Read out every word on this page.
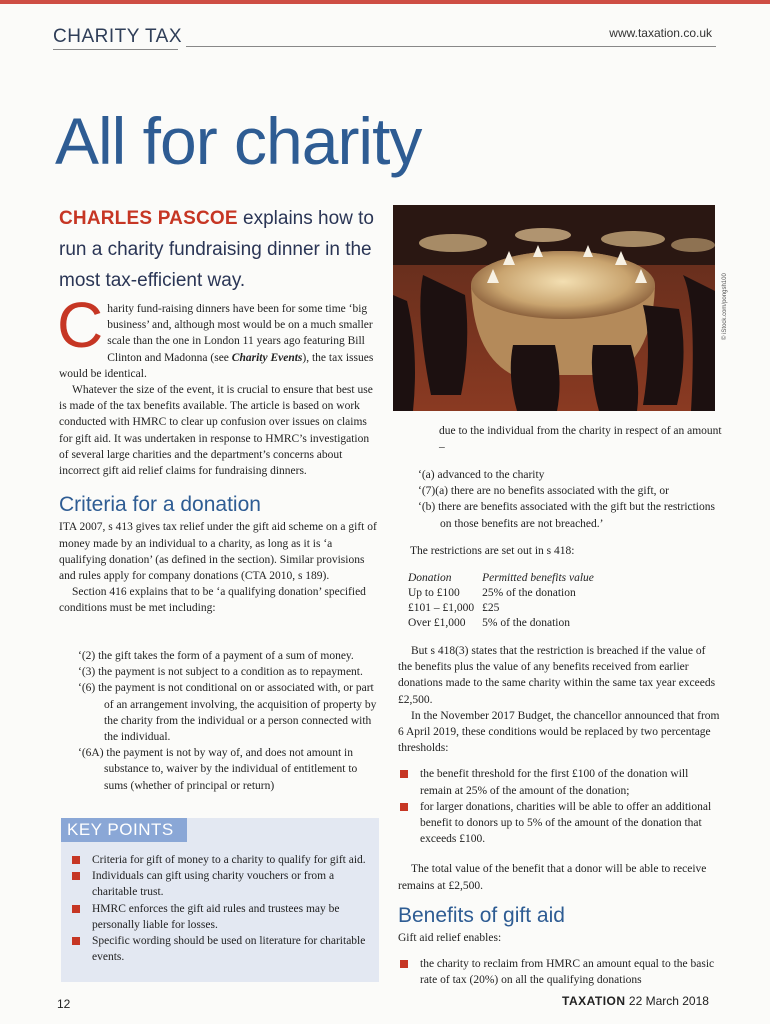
CHARITY TAX	www.taxation.co.uk
All for charity
CHARLES PASCOE explains how to run a charity fundraising dinner in the most tax-efficient way.
C harity fund-raising dinners have been for some time ‘big business’ and, although most would be on a much smaller scale than the one in London 11 years ago featuring Bill Clinton and Madonna (see Charity Events), the tax issues would be identical.

Whatever the size of the event, it is crucial to ensure that best use is made of the tax benefits available. The article is based on work conducted with HMRC to clear up confusion over issues on claims for gift aid. It was undertaken in response to HMRC’s investigation of several large charities and the department’s concerns about incorrect gift aid relief claims for fundraising dinners.

Criteria for a donation

ITA 2007, s 413 gives tax relief under the gift aid scheme on a gift of money made by an individual to a charity, as long as it is ‘a qualifying donation’ (as defined in the section). Similar provisions and rules apply for company donations (CTA 2010, s 189).

Section 416 explains that to be ‘a qualifying donation’ specified conditions must be met including:

‘(2) the gift takes the form of a payment of a sum of money.

‘(3) the payment is not subject to a condition as to repayment.

‘(6) the payment is not conditional on or associated with, or part of an arrangement involving, the acquisition of property by the charity from the individual or a person connected with the individual.

‘(6A) the payment is not by way of, and does not amount in substance to, waiver by the individual of entitlement to sums (whether of principal or return)

KEY POINTS
Criteria for gift of money to a charity to qualify for gift aid.
Individuals can gift using charity vouchers or from a charitable trust.
HMRC enforces the gift aid rules and trustees may be personally liable for losses.
Specific wording should be used on literature for charitable events.
© iStock.com/pongsh100
due to the individual from the charity in respect of an amount –

‘(a) advanced to the charity

‘(7)(a) there are no benefits associated with the gift, or

‘(b) there are benefits associated with the gift but the restrictions on those benefits are not breached.’

The restrictions are set out in s 418:
Donation	Permitted benefits value
Up to £100	25% of the donation
£101 – £1,000	£25
Over £1,000	5% of the donation

But s 418(3) states that the restriction is breached if the value of the benefits plus the value of any benefits received from earlier donations made to the same charity within the same tax year exceeds £2,500.

In the November 2017 Budget, the chancellor announced that from 6 April 2019, these conditions would be replaced by two percentage thresholds:

the benefit threshold for the first £100 of the donation will remain at 25% of the amount of the donation;
for larger donations, charities will be able to offer an additional benefit to donors up to 5% of the amount of the donation that exceeds £100.

The total value of the benefit that a donor will be able to receive remains at £2,500.

Benefits of gift aid

Gift aid relief enables:

the charity to reclaim from HMRC an amount equal to the basic rate of tax (20%) on all the qualifying donations
12	TAXATION 22 March 2018
